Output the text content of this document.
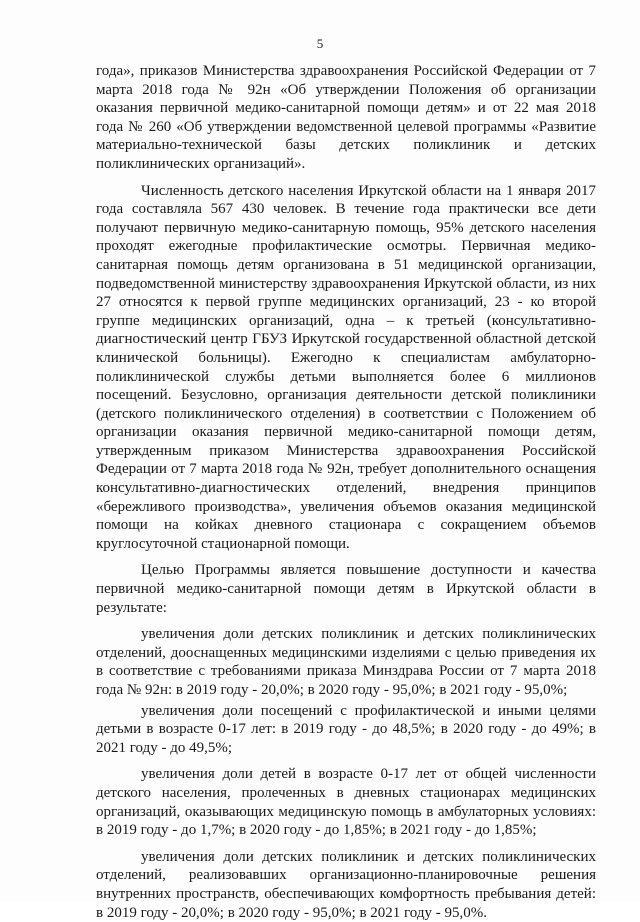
5

года», приказов Министерства здравоохранения Российской Федерации от 7 марта 2018 года № 92н «Об утверждении Положения об организации оказания первичной медико-санитарной помощи детям» и от 22 мая 2018 года № 260 «Об утверждении ведомственной целевой программы «Развитие материально-технической базы детских поликлиник и детских поликлинических организаций».

Численность детского населения Иркутской области на 1 января 2017 года составляла 567 430 человек. В течение года практически все дети получают первичную медико-санитарную помощь, 95% детского населения проходят ежегодные профилактические осмотры. Первичная медико-санитарная помощь детям организована в 51 медицинской организации, подведомственной министерству здравоохранения Иркутской области, из них 27 относятся к первой группе медицинских организаций, 23 - ко второй группе медицинских организаций, одна – к третьей (консультативно-диагностический центр ГБУЗ Иркутской государственной областной детской клинической больницы). Ежегодно к специалистам амбулаторно-поликлинической службы детьми выполняется более 6 миллионов посещений. Безусловно, организация деятельности детской поликлиники (детского поликлинического отделения) в соответствии с Положением об организации оказания первичной медико-санитарной помощи детям, утвержденным приказом Министерства здравоохранения Российской Федерации от 7 марта 2018 года № 92н, требует дополнительного оснащения консультативно-диагностических отделений, внедрения принципов «бережливого производства», увеличения объемов оказания медицинской помощи на койках дневного стационара с сокращением объемов круглосуточной стационарной помощи.

Целью Программы является повышение доступности и качества первичной медико-санитарной помощи детям в Иркутской области в результате:

увеличения доли детских поликлиник и детских поликлинических отделений, дооснащенных медицинскими изделиями с целью приведения их в соответствие с требованиями приказа Минздрава России от 7 марта 2018 года № 92н: в 2019 году - 20,0%; в 2020 году - 95,0%; в 2021 году - 95,0%;

увеличения доли посещений с профилактической и иными целями детьми в возрасте 0-17 лет: в 2019 году - до 48,5%; в 2020 году - до 49%; в 2021 году - до 49,5%;

увеличения доли детей в возрасте 0-17 лет от общей численности детского населения, пролеченных в дневных стационарах медицинских организаций, оказывающих медицинскую помощь в амбулаторных условиях: в 2019 году - до 1,7%; в 2020 году - до 1,85%; в 2021 году - до 1,85%;

увеличения доли детских поликлиник и детских поликлинических отделений, реализовавших организационно-планировочные решения внутренних пространств, обеспечивающих комфортность пребывания детей: в 2019 году - 20,0%; в 2020 году - 95,0%; в 2021 году - 95,0%.
